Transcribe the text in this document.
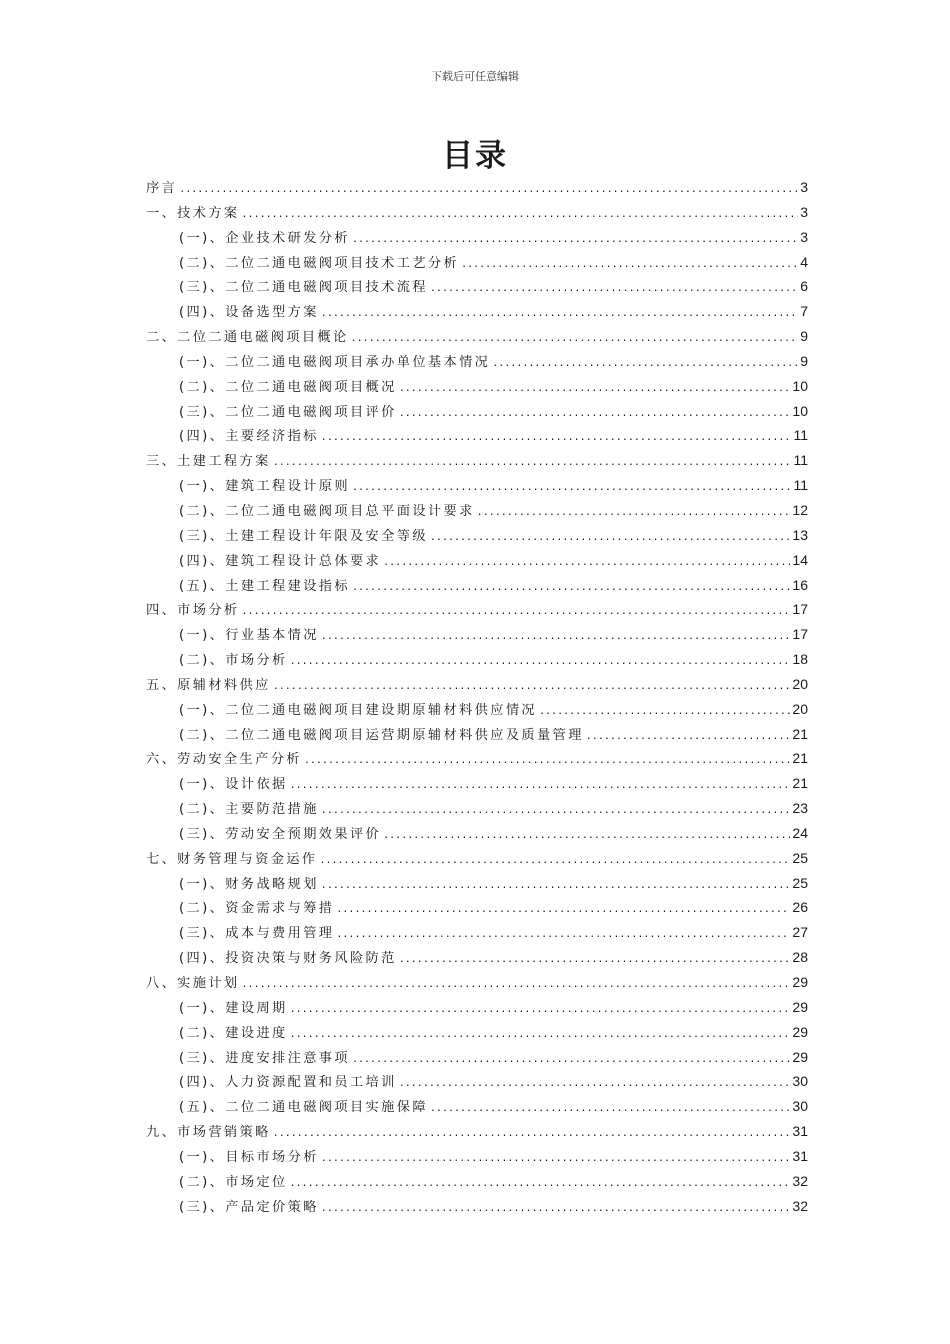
下载后可任意编辑
目录
序言 .....	3
一、技术方案 .....	3
(一)、企业技术研发分析 .....	3
(二)、二位二通电磁阀项目技术工艺分析 .....	4
(三)、二位二通电磁阀项目技术流程 .....	6
(四)、设备选型方案 .....	7
二、二位二通电磁阀项目概论 .....	9
(一)、二位二通电磁阀项目承办单位基本情况 .....	9
(二)、二位二通电磁阀项目概况 .....	10
(三)、二位二通电磁阀项目评价 .....	10
(四)、主要经济指标 .....	11
三、土建工程方案 .....	11
(一)、建筑工程设计原则 .....	11
(二)、二位二通电磁阀项目总平面设计要求 .....	12
(三)、土建工程设计年限及安全等级 .....	13
(四)、建筑工程设计总体要求 .....	14
(五)、土建工程建设指标 .....	16
四、市场分析 .....	17
(一)、行业基本情况 .....	17
(二)、市场分析 .....	18
五、原辅材料供应 .....	20
(一)、二位二通电磁阀项目建设期原辅材料供应情况 .....	20
(二)、二位二通电磁阀项目运营期原辅材料供应及质量管理 .....	21
六、劳动安全生产分析 .....	21
(一)、设计依据 .....	21
(二)、主要防范措施 .....	23
(三)、劳动安全预期效果评价 .....	24
七、财务管理与资金运作 .....	25
(一)、财务战略规划 .....	25
(二)、资金需求与筹措 .....	26
(三)、成本与费用管理 .....	27
(四)、投资决策与财务风险防范 .....	28
八、实施计划 .....	29
(一)、建设周期 .....	29
(二)、建设进度 .....	29
(三)、进度安排注意事项 .....	29
(四)、人力资源配置和员工培训 .....	30
(五)、二位二通电磁阀项目实施保障 .....	30
九、市场营销策略 .....	31
(一)、目标市场分析 .....	31
(二)、市场定位 .....	32
(三)、产品定价策略 .....	32
